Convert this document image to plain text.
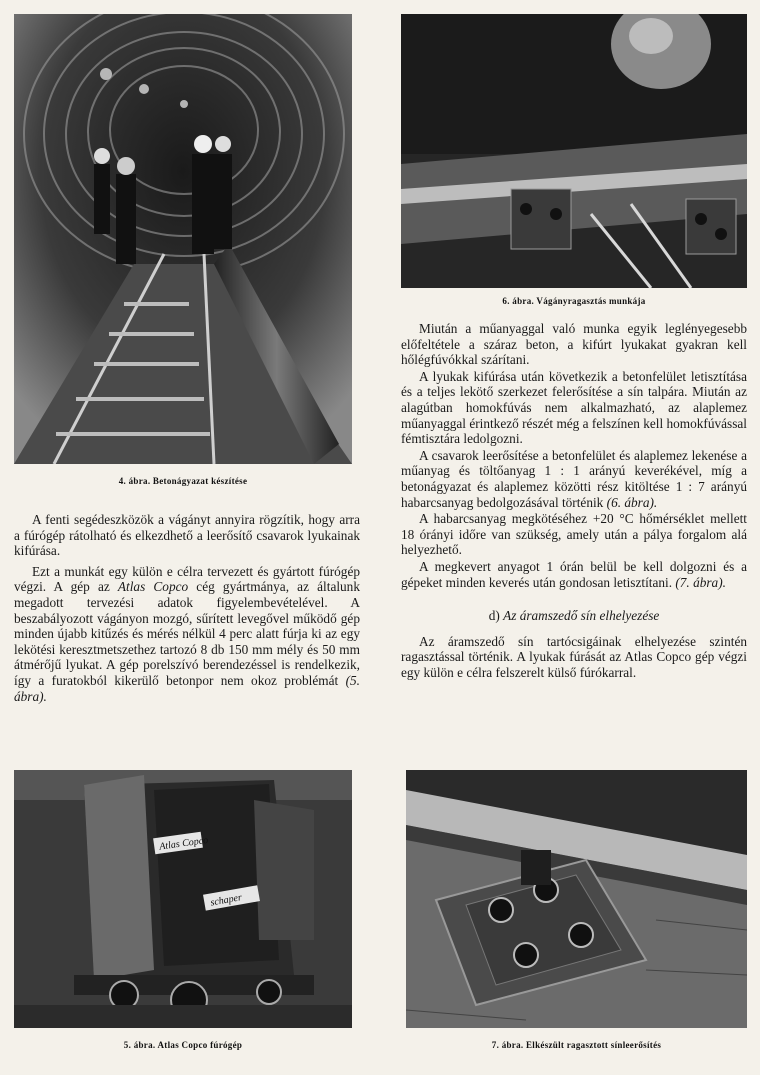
4. ábra. Betonágyazat készítése
6. ábra. Vágányragasztás munkája

A fenti segédeszközök a vágányt annyira rögzítik, hogy arra a fúrógép rátolható és elkezdhető a leerősítő csavarok lyukainak kifúrása.

Ezt a munkát egy külön e célra tervezett és gyártott fúrógép végzi. A gép az Atlas Copco cég gyártmánya, az általunk megadott tervezési adatok figyelembevételével. A beszabályozott vágányon mozgó, sűrített levegővel működő gép minden újabb kitűzés és mérés nélkül 4 perc alatt fúrja ki az egy lekötési keresztmetszethez tartozó 8 db 150 mm mély és 50 mm átmérőjű lyukat. A gép porelszívó berendezéssel is rendelkezik, így a furatokból kikerülő betonpor nem okoz problémát (5. ábra).

Miután a műanyaggal való munka egyik leglényegesebb előfeltétele a száraz beton, a kifúrt lyukakat gyakran kell hőlégfúvókkal szárítani.

A lyukak kifúrása után következik a betonfelület letisztítása és a teljes lekötő szerkezet felerősítése a sín talpára. Miután az alagútban homokfúvás nem alkalmazható, az alaplemez műanyaggal érintkező részét még a felszínen kell homokfúvással fémtisztára ledolgozni.

A csavarok leerősítése a betonfelület és alaplemez lekenése a műanyag és töltőanyag 1 : 1 arányú keverékével, míg a betonágyazat és alaplemez közötti rész kitöltése 1 : 7 arányú habarcsanyag bedolgozásával történik (6. ábra).

A habarcsanyag megkötéséhez +20 °C hőmérséklet mellett 18 órányi időre van szükség, amely után a pálya forgalom alá helyezhető.

A megkevert anyagot 1 órán belül be kell dolgozni és a gépeket minden keverés után gondosan letisztítani. (7. ábra).

d) Az áramszedő sín elhelyezése

Az áramszedő sín tartócsigáinak elhelyezése szintén ragasztással történik. A lyukak fúrását az Atlas Copco gép végzi egy külön e célra felszerelt külső fúrókarral.

Atlas Copco
schaper
5. ábra. Atlas Copco fúrógép	7. ábra. Elkészült ragasztott sínleerősítés
